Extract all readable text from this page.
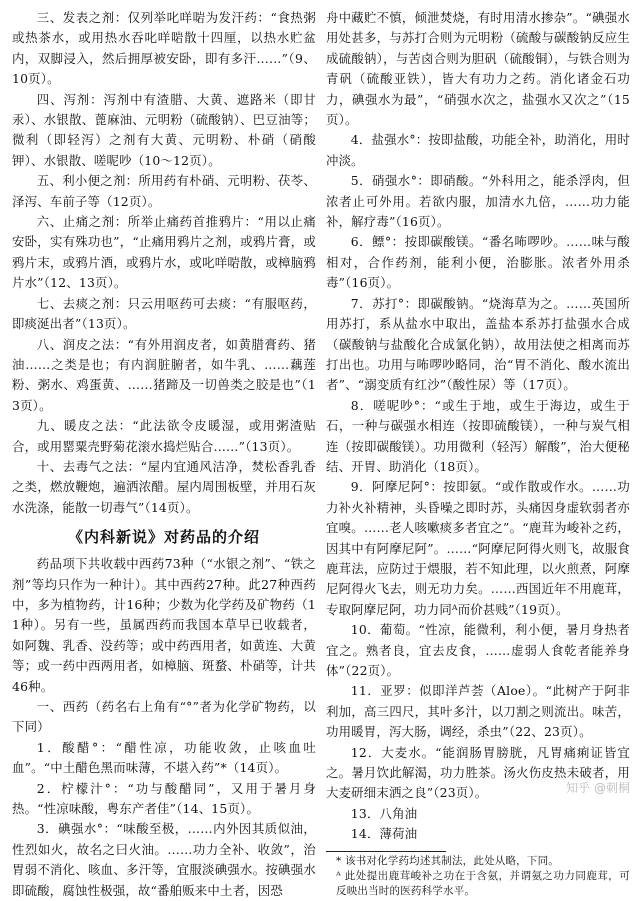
三、发表之剂：仅列举叱咩啱为发汗药：“食热粥或热茶水，或用热水吞叱咩啱散十四厘，以热水贮盆内，双脚浸入，然后拥厚被安卧，即有多汗……”（9、10页）。

四、泻剂：泻剂中有渣腊、大黄、遮路米（即甘汞）、水银散、蓖麻油、元明粉（硫酸钠）、巴豆油等；微利（即轻泻）之剂有大黄、元明粉、朴硝（硝酸钾）、水银散、嗟呢吵（10～12页）。

五、利小便之剂：所用药有朴硝、元明粉、茯苓、泽泻、车前子等（12页）。

六、止痛之剂：所举止痛药首推鸦片：“用以止痛安卧，实有殊功也”，“止痛用鸦片之剂，或鸦片膏，或鸦片末，或鸦片酒，或鸦片水，或叱咩啱散，或樟脑鸦片水”（12、13页）。

七、去痰之剂：只云用呕药可去痰：“有服呕药，即痰涎出者”（13页）。

八、润皮之法：“有外用润皮者，如黄腊膏药、猪油……之类是也；有内润脏腑者，如牛乳、……藕莲粉、粥水、鸡蛋黄、……猪蹄及一切兽类之胶是也”（13页）。

九、暖皮之法：“此法欲令皮暖湿，或用粥渣贴合，或用罂粟壳野菊花滚水捣烂贴合……”（13页）。

十、去毒气之法：“屋内宜通风洁净，焚松香乳香之类，燃放鞭炮，遍洒浓醋。屋内周围板壁，并用石灰水洗涤，能散一切毒气”（14页）。

《内科新说》对药品的介绍

药品项下共收载中西药73种（“水银之剂”、“铁之剂”等均只作为一种计）。其中西药27种。此27种西药中，多为植物药，计16种；少数为化学药及矿物药（11种）。另有一些，虽属西药而我国本草早已收载者，如阿魏、乳香、没药等；或中药西用者，如黄连、大黄等；或一药中西两用者，如樟脑、斑蝥、朴硝等，计共46种。

一、西药（药名右上角有“°”者为化学矿物药，以下同）

1．酸醋°：“醋性凉，功能收敛，止咳血吐血”。“中土醋色黑而味薄，不堪入药”*（14页）。

2．柠檬汁°：“功与酸醋同”，又用于暑月身热。“性凉味酸，粤东产者佳”（14、15页）。

3．碘强水°：“味酸至极，……内外因其质似油，性烈如火，故名之曰火油。……功力全补、收敛”，治胃弱不消化、咳血、多汗等，宜服淡碘强水。按碘强水即硫酸，腐蚀性极强，故“番舶贩来中土者，因恐

舟中藏贮不慎，倾泄焚烧，有时用清水掺杂”。“碘强水用处甚多，与苏打合则为元明粉（硫酸与碳酸钠反应生成硫酸钠），与苦卤合则为胆矾（硫酸铜），与铁合则为青矾（硫酸亚铁），皆大有功力之药。消化诸金石功力，碘强水为最”，“硝强水次之，盐强水又次之”（15页）。

4．盐强水°：按即盐酸，功能全补，助消化，用时冲淡。

5．硝强水°：即硝酸。“外科用之，能杀浮肉，但浓者止可外用。若欲内服，加清水九倍，……功力能补，解疗毒”（16页）。

6．鳔°：按即碳酸镁。“番名咘啰吵。……味与酸相对，合作药剂，能利小便，治膨胀。浓者外用杀毒”（16页）。

7．苏打°：即碳酸钠。“烧海草为之。……英国所用苏打，系从盐水中取出，盖盐本系苏打盐强水合成（碳酸钠与盐酸化合成氯化钠），故用法使之相离而苏打出也。功用与咘啰吵略同，治“胃不消化、酸水流出者”、“溺变质有红沙”（酸性尿）等（17页）。

8．嗟呢吵°：“或生于地，或生于海边，或生于石，一种与碳强水相连（按即硫酸镁），一种与炭气相连（按即碳酸镁）。功用微利（轻泻）解酸”，治大便秘结、开胃、助消化（18页）。

9．阿摩尼阿°：按即氨。“或作散或作水。……功力补火补精神，头昏噪之即时苏，头痛因身虚软弱者亦宜嗅。……老人咳嗽痰多者宜之”。“鹿茸为峻补之药，因其中有阿摩尼阿”。……“阿摩尼阿得火则飞，故服食鹿茸法，应防过于煨服，若不知此理，以火煎煮，阿摩尼阿得火飞去，则无功力矣。……西国近年不用鹿茸，专取阿摩尼阿，功力同ᴬ而价甚贱”（19页）。

10．葡萄。“性凉，能微利，利小便，暑月身热者宜之。熟者良，宜去皮食，……虚弱人食乾者能养身体”（22页）。

11．亚罗：似即洋芦荟（Aloe）。“此树产于阿非利加，高三四尺，其叶多汁，以刀割之则流出。味苦，功用暖胃，泻大肠，调经，杀虫”（22、23页）。

12．大麦水。“能润肠胃膀胱，凡胃痛痢证皆宜之。暑月饮此解渴，功力胜茶。汤火伤皮热未破者，用大麦研细末洒之良”（23页）。

13．八角油

14．薄荷油

* 该书对化学药均述其制法，此处从略，下同。

ᴬ 此处提出鹿茸峻补之功在于含氨，并谓氨之功力同鹿茸，可反映出当时的医药科学水平。

知乎 @刺桐
